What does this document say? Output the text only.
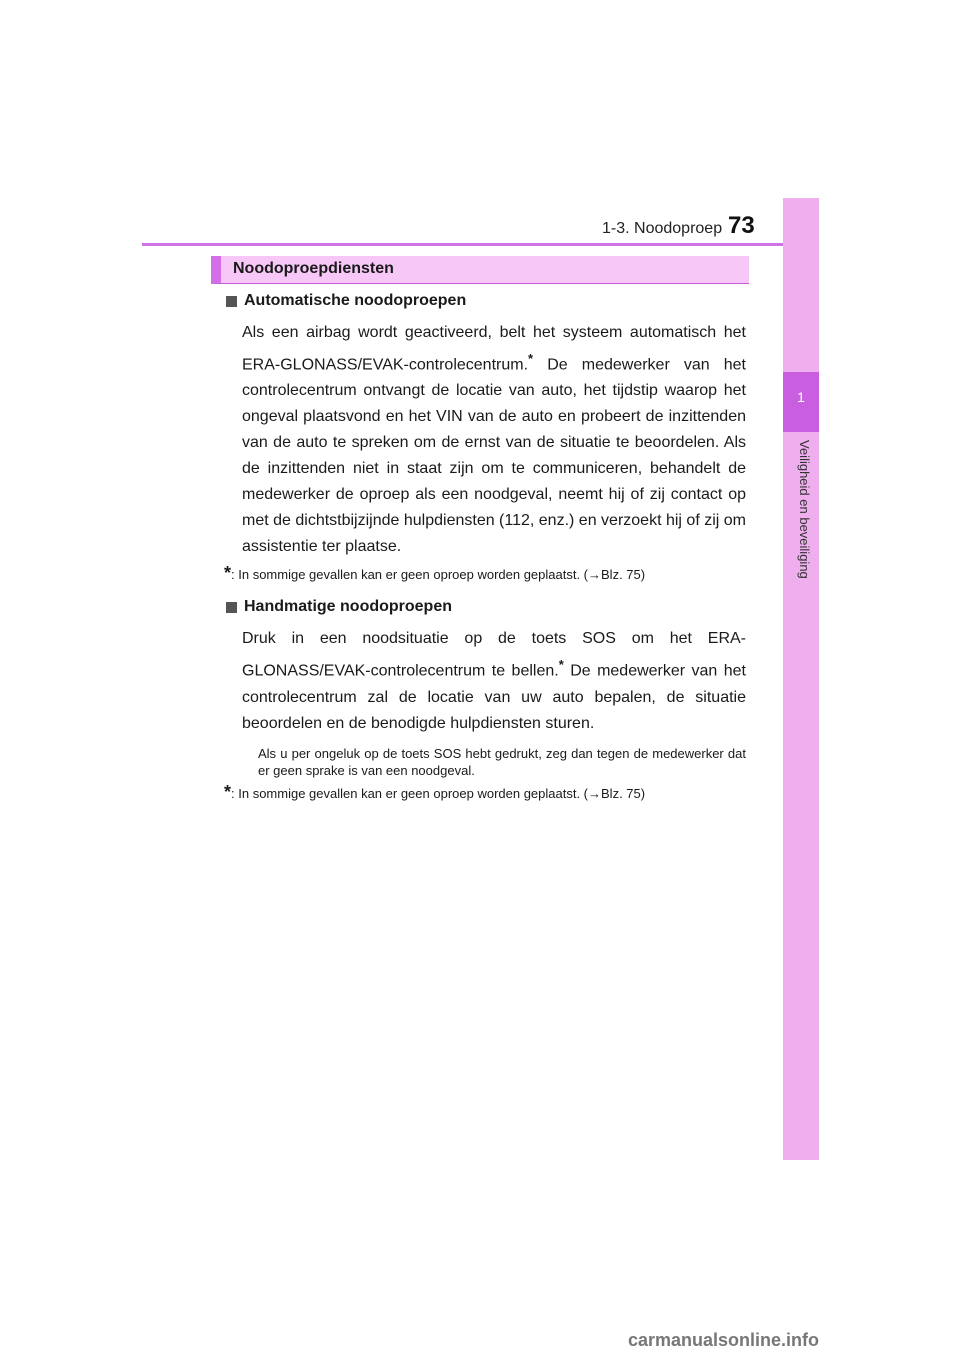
1-3. Noodoproep 73
1
Veiligheid en beveiliging
Noodoproepdiensten
Automatische noodoproepen

Als een airbag wordt geactiveerd, belt het systeem automatisch het ERA-GLONASS/EVAK-controlecentrum.* De medewerker van het controlecentrum ontvangt de locatie van auto, het tijdstip waarop het ongeval plaatsvond en het VIN van de auto en probeert de inzittenden van de auto te spreken om de ernst van de situatie te beoordelen. Als de inzittenden niet in staat zijn om te communiceren, behandelt de medewerker de oproep als een noodgeval, neemt hij of zij contact op met de dichtstbijzijnde hulpdiensten (112, enz.) en verzoekt hij of zij om assistentie ter plaatse.

* : In sommige gevallen kan er geen oproep worden geplaatst. (→Blz. 75)
Handmatige noodoproepen

Druk in een noodsituatie op de toets SOS om het ERA-GLONASS/EVAK-controlecentrum te bellen.* De medewerker van het controlecentrum zal de locatie van uw auto bepalen, de situatie beoordelen en de benodigde hulpdiensten sturen.

Als u per ongeluk op de toets SOS hebt gedrukt, zeg dan tegen de medewerker dat er geen sprake is van een noodgeval.

* : In sommige gevallen kan er geen oproep worden geplaatst. (→Blz. 75)
carmanualsonline.info
